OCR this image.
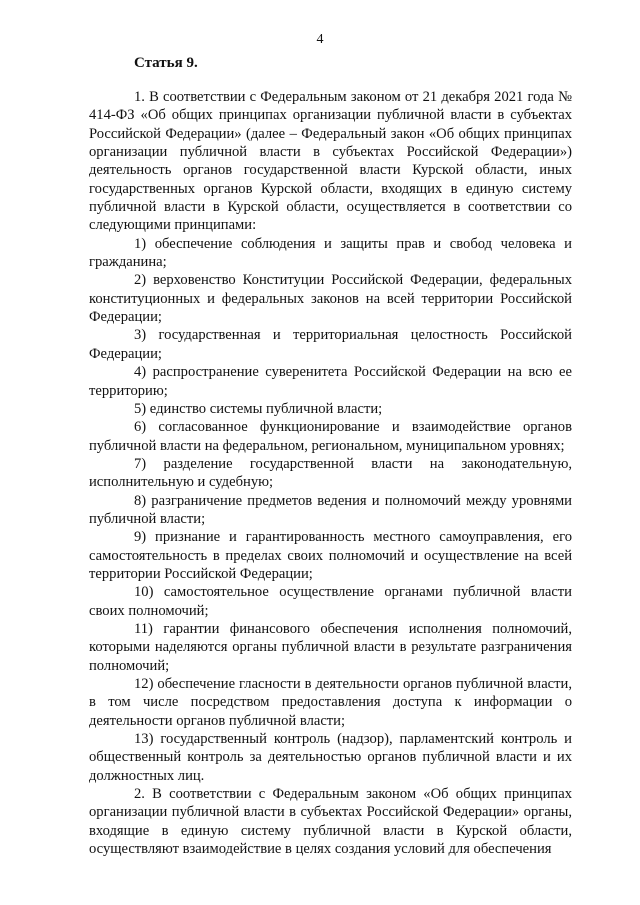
4
Статья 9.

1. В соответствии с Федеральным законом от 21 декабря 2021 года № 414-ФЗ «Об общих принципах организации публичной власти в субъектах Российской Федерации» (далее – Федеральный закон «Об общих принципах организации публичной власти в субъектах Российской Федерации») деятельность органов государственной власти Курской области, иных государственных органов Курской области, входящих в единую систему публичной власти в Курской области, осуществляется в соответствии со следующими принципами:

1) обеспечение соблюдения и защиты прав и свобод человека и гражданина;

2) верховенство Конституции Российской Федерации, федеральных конституционных и федеральных законов на всей территории Российской Федерации;

3) государственная и территориальная целостность Российской Федерации;

4) распространение суверенитета Российской Федерации на всю ее территорию;

5) единство системы публичной власти;

6) согласованное функционирование и взаимодействие органов публичной власти на федеральном, региональном, муниципальном уровнях;

7) разделение государственной власти на законодательную, исполнительную и судебную;

8) разграничение предметов ведения и полномочий между уровнями публичной власти;

9) признание и гарантированность местного самоуправления, его самостоятельность в пределах своих полномочий и осуществление на всей территории Российской Федерации;

10) самостоятельное осуществление органами публичной власти своих полномочий;

11) гарантии финансового обеспечения исполнения полномочий, которыми наделяются органы публичной власти в результате разграничения полномочий;

12) обеспечение гласности в деятельности органов публичной власти, в том числе посредством предоставления доступа к информации о деятельности органов публичной власти;

13) государственный контроль (надзор), парламентский контроль и общественный контроль за деятельностью органов публичной власти и их должностных лиц.

2. В соответствии с Федеральным законом «Об общих принципах организации публичной власти в субъектах Российской Федерации» органы, входящие в единую систему публичной власти в Курской области, осуществляют взаимодействие в целях создания условий для обеспечения
